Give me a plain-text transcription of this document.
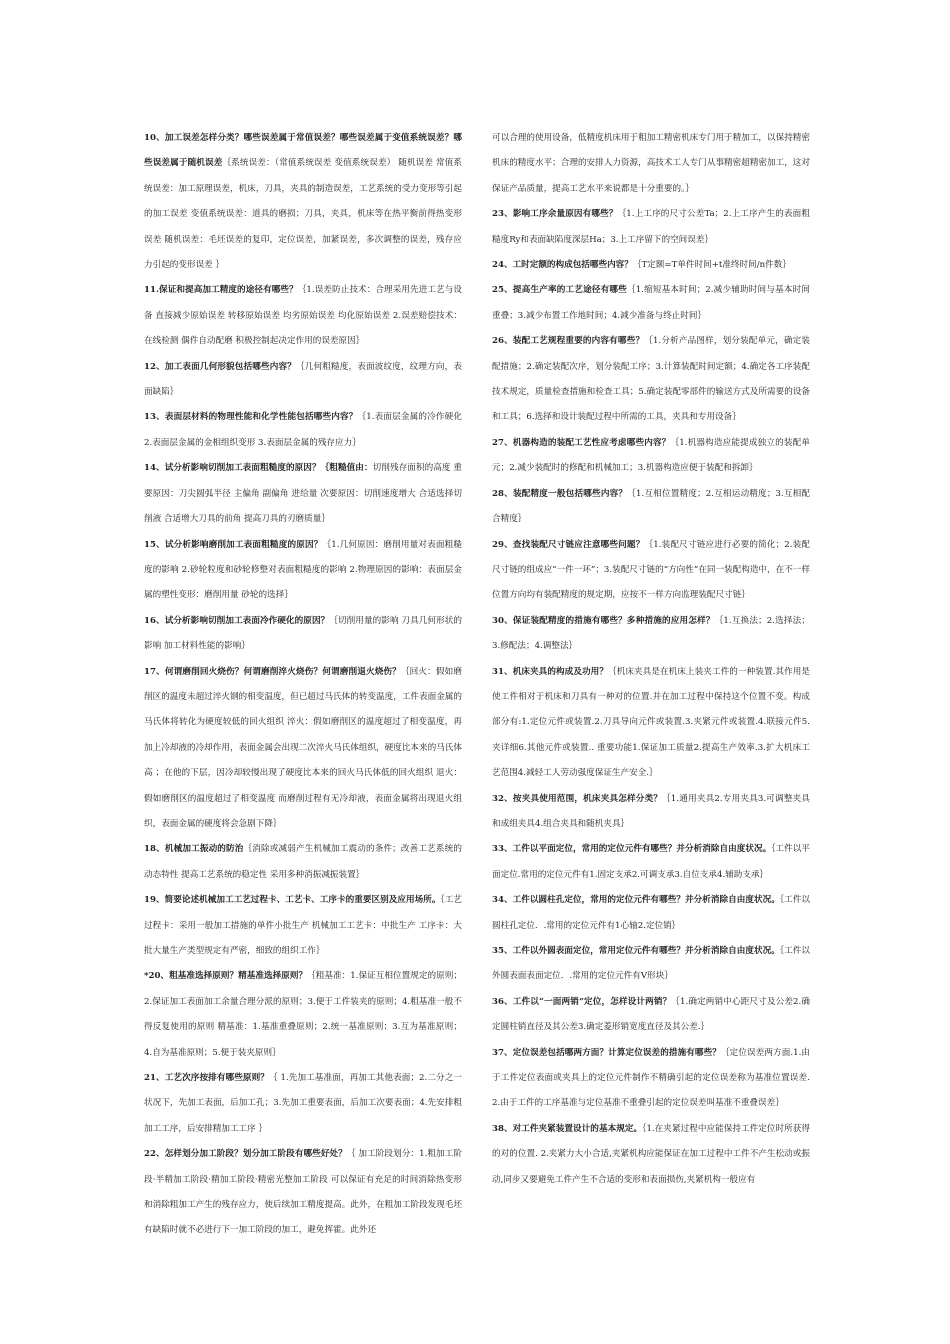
10、加工误差怎样分类？哪些误差属于常值误差？哪些误差属于变值系统误差？哪些误差属于随机误差｛系统误差：（常值系统误差 变值系统误差） 随机误差 常值系统误差：加工原理误差，机床，刀具，夹具的制造误差，工艺系统的受力变形等引起的加工误差 变值系统误差：道具的磨损；刀具，夹具，机床等在热平衡前得热变形误差 随机误差：毛坯误差的复印，定位误差，加紧误差，多次调整的误差，残存应力引起的变形误差 ｝

11.保证和提高加工精度的途径有哪些？｛1.误差防止技术：合理采用先进工艺与设备 直接减少原始误差 转移原始误差 均劣原始误差 均化原始误差 2.误差赔偿技术：在线检测 偶件自动配磨 积极控制起决定作用的误差原因｝

12、加工表面几何形貌包括哪些内容？｛几何粗糙度，表面波纹度，纹理方向，表面缺陷｝

13、表面层材料的物理性能和化学性能包括哪些内容？｛1.表面层金属的冷作硬化 2.表面层金属的金相组织变形 3.表面层金属的残存应力｝

14、试分析影响切削加工表面粗糙度的原因？｛粗糙值由：切削残存面积的高度 重要原因：刀尖圆弧半径 主偏角 副偏角 进给量 次要原因：切削速度增大 合适选择切削液 合适增大刀具的前角 提高刀具的刃磨质量｝

15、试分析影响磨削加工表面粗糙度的原因？｛1.几何原因：磨削用量对表面粗糙度的影响 2.砂轮粒度和砂轮修整对表面粗糙度的影响 2.物理原因的影响：表面层金属的塑性变形：磨削用量 砂轮的选择｝

16、试分析影响切削加工表面冷作硬化的原因？｛切削用量的影响 刀具几何形状的影响 加工材料性能的影响｝

17、何谓磨削回火烧伤？何谓磨削淬火烧伤？何谓磨削退火烧伤？｛回火：假如磨削区的温度未超过淬火钢的相变温度，但已超过马氏体的转变温度，工件表面金属的马氏体将转化为硬度较低的回火组织 淬火：假如磨削区的温度超过了相变温度，再加上冷却液的冷却作用，表面金属会出现二次淬火马氏体组织，硬度比本来的马氏体高 ；在他的下层，因冷却较慢出现了硬度比本来的回火马氏体低的回火组织 退火：假如磨削区的温度超过了相变温度 而磨削过程有无冷却液，表面金属将出现退火组织，表面金属的硬度将会急剧下降｝

18、机械加工振动的防治｛消除或减弱产生机械加工震动的条件；改善工艺系统的动态特性 提高工艺系统的稳定性 采用多种消振减振装置｝

19、简要论述机械加工工艺过程卡、工艺卡、工序卡的重要区别及应用场所。｛工艺过程卡：采用一般加工措施的单件小批生产 机械加工工艺卡：中批生产 工序卡：大批大量生产类型规定有严密，细致的组织工作｝

*20、粗基准选择原则？精基准选择原则？｛粗基准：1.保证互相位置规定的原则；2.保证加工表面加工余量合理分派的原则；3.便于工件装夹的原则；4.粗基准一般不得反复使用的原则 精基准：1.基准重叠原则；2.统一基准原则；3.互为基准原则；4.自为基准原则；5.便于装夹原则｝

21、工艺次序按排有哪些原则？｛ 1.先加工基准面，再加工其他表面；2.二分之一状况下，先加工表面，后加工孔；3.先加工重要表面，后加工次要表面；4.先安排粗加工工序，后安排精加工工序 ｝

22、怎样划分加工阶段？划分加工阶段有哪些好处？｛ 加工阶段划分：1.粗加工阶段·半精加工阶段·精加工阶段·精密光整加工阶段 可以保证有充足的时间消除热变形和消除粗加工产生的残存应力，使后续加工精度提高。此外，在粗加工阶段发现毛坯有缺陷时就不必进行下一加工阶段的加工，避免挥霍。此外还

可以合理的使用设备，低精度机床用于粗加工精密机床专门用于精加工，以保持精密机床的精度水平；合理的安排人力资源，高技术工人专门从事精密超精密加工，这对保证产品质量，提高工艺水平来说都是十分重要的。｝

23、影响工序余量原因有哪些？｛1.上工序的尺寸公差Ta；2.上工序产生的表面粗糙度Ry和表面缺陷度深层Ha；3.上工序留下的空间误差｝

24、工时定额的构成包括哪些内容？｛T定额=T单件时间+t准终时间/n件数｝

25、提高生产率的工艺途径有哪些｛1.缩短基本时间；2.减少辅助时间与基本时间重叠；3.减少布置工作地时间；4.减少准备与终止时间｝

26、装配工艺规程重要的内容有哪些？｛1.分析产品图样，划分装配单元，确定装配措施；2.确定装配次序，划分装配工序；3.计算装配时间定额；4.确定各工序装配技术规定，质量检查措施和检查工具；5.确定装配零部件的输送方式及所需要的设备和工具；6.选择和设计装配过程中所需的工具，夹具和专用设备｝

27、机器构造的装配工艺性应考虑哪些内容？｛1.机器构造应能提成独立的装配单元；2.减少装配时的修配和机械加工；3.机器构造应便于装配和拆卸｝

28、装配精度一般包括哪些内容？｛1.互相位置精度；2.互相运动精度；3.互相配合精度｝

29、查找装配尺寸链应注意哪些问题？｛1.装配尺寸链应进行必要的简化；2.装配尺寸链的组成应“一件一环”；3.装配尺寸链的“方向性”在同一装配构造中，在不一样位置方向均有装配精度的规定期，应按不一样方向监理装配尺寸链｝

30、保证装配精度的措施有哪些？多种措施的应用怎样？｛1.互换法；2.选择法；3.修配法；4.调整法｝

31、机床夹具的构成及功用？｛机床夹具是在机床上装夹工件的一种装置.其作用是使工件相对于机床和刀具有一种对的位置.并在加工过程中保持这个位置不变。构成部分有:1.定位元件或装置.2.刀具导向元件或装置.3.夹紧元件或装置.4.联接元件5.夹详细6.其他元件或装置.. 重要功能1.保证加工质量2.提高生产效率.3.扩大机床工艺范围4.减轻工人劳动强度保证生产安全.｝

32、按夹具使用范围，机床夹具怎样分类？｛1.通用夹具2.专用夹具3.可调整夹具和成组夹具4.组合夹具和随机夹具｝

33、工件以平面定位，常用的定位元件有哪些？并分析消除自由度状况。｛工件以平面定位.常用的定位元件有1.固定支承2.可调支承3.自位支承4.辅助支承｝

34、工件以圆柱孔定位，常用的定位元件有哪些？并分析消除自由度状况。｛工件以圆柱孔定位．.常用的定位元件有1心轴2.定位销｝

35、工件以外圆表面定位，常用定位元件有哪些？并分析消除自由度状况。｛工件以外圆表面表面定位．.常用的定位元件有V形块｝

36、工件以“一面两销”定位，怎样设计两销？｛1.确定两销中心距尺寸及公差2.确定圆柱销直径及其公差3.确定菱形销宽度直径及其公差.｝

37、定位误差包括哪两方面？计算定位误差的措施有哪些？｛定位误差两方面.1.由于工件定位表面或夹具上的定位元件制作不精确引起的定位误差称为基准位置误差.2.由于工件的工序基准与定位基准不重叠引起的定位误差叫基准不重叠误差｝

38、对工件夹紧装置设计的基本规定。｛1.在夹紧过程中应能保持工件定位时所获得的对的位置. 2.夹紧力大小合适,夹紧机构应能保证在加工过程中工件不产生松动或振动,同步又要避免工件产生不合适的变形和表面损伤,夹紧机构一般应有
